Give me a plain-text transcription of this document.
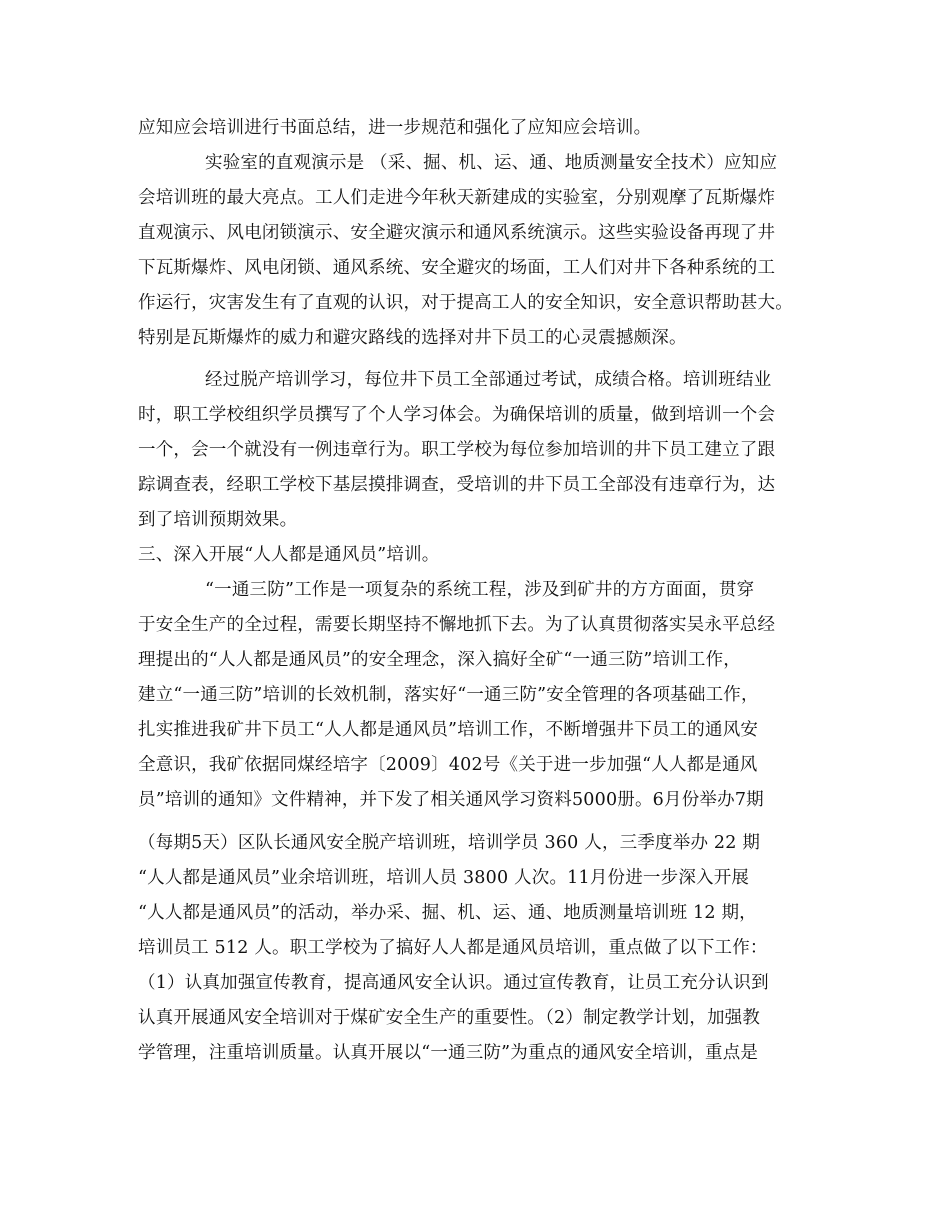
应知应会培训进行书面总结，进一步规范和强化了应知应会培训。
实验室的直观演示是 （采、掘、机、运、通、地质测量安全技术）应知应
会培训班的最大亮点。工人们走进今年秋天新建成的实验室，分别观摩了瓦斯爆炸
直观演示、风电闭锁演示、安全避灾演示和通风系统演示。这些实验设备再现了井
下瓦斯爆炸、风电闭锁、通风系统、安全避灾的场面，工人们对井下各种系统的工
作运行，灾害发生有了直观的认识，对于提高工人的安全知识，安全意识帮助甚大。
特别是瓦斯爆炸的威力和避灾路线的选择对井下员工的心灵震撼颇深。
经过脱产培训学习，每位井下员工全部通过考试，成绩合格。培训班结业
时，职工学校组织学员撰写了个人学习体会。为确保培训的质量，做到培训一个会
一个，会一个就没有一例违章行为。职工学校为每位参加培训的井下员工建立了跟
踪调查表，经职工学校下基层摸排调查，受培训的井下员工全部没有违章行为，达
到了培训预期效果。
三、深入开展“人人都是通风员”培训。
“一通三防”工作是一项复杂的系统工程，涉及到矿井的方方面面，贯穿
于安全生产的全过程，需要长期坚持不懈地抓下去。为了认真贯彻落实吴永平总经
理提出的“人人都是通风员”的安全理念，深入搞好全矿“一通三防”培训工作，
建立“一通三防”培训的长效机制，落实好“一通三防”安全管理的各项基础工作，
扎实推进我矿井下员工“人人都是通风员”培训工作，不断增强井下员工的通风安
全意识，我矿依据同煤经培字〔2009〕402号《关于进一步加强“人人都是通风
员”培训的通知》文件精神，并下发了相关通风学习资料5000册。6月份举办7期
（每期5天）区队长通风安全脱产培训班，培训学员 360 人，三季度举办 22 期
“人人都是通风员”业余培训班，培训人员 3800 人次。11月份进一步深入开展
“人人都是通风员”的活动，举办采、掘、机、运、通、地质测量培训班 12 期，
培训员工 512 人。职工学校为了搞好人人都是通风员培训，重点做了以下工作：
（1）认真加强宣传教育，提高通风安全认识。通过宣传教育，让员工充分认识到
认真开展通风安全培训对于煤矿安全生产的重要性。（2）制定教学计划，加强教
学管理，注重培训质量。认真开展以“一通三防”为重点的通风安全培训，重点是
